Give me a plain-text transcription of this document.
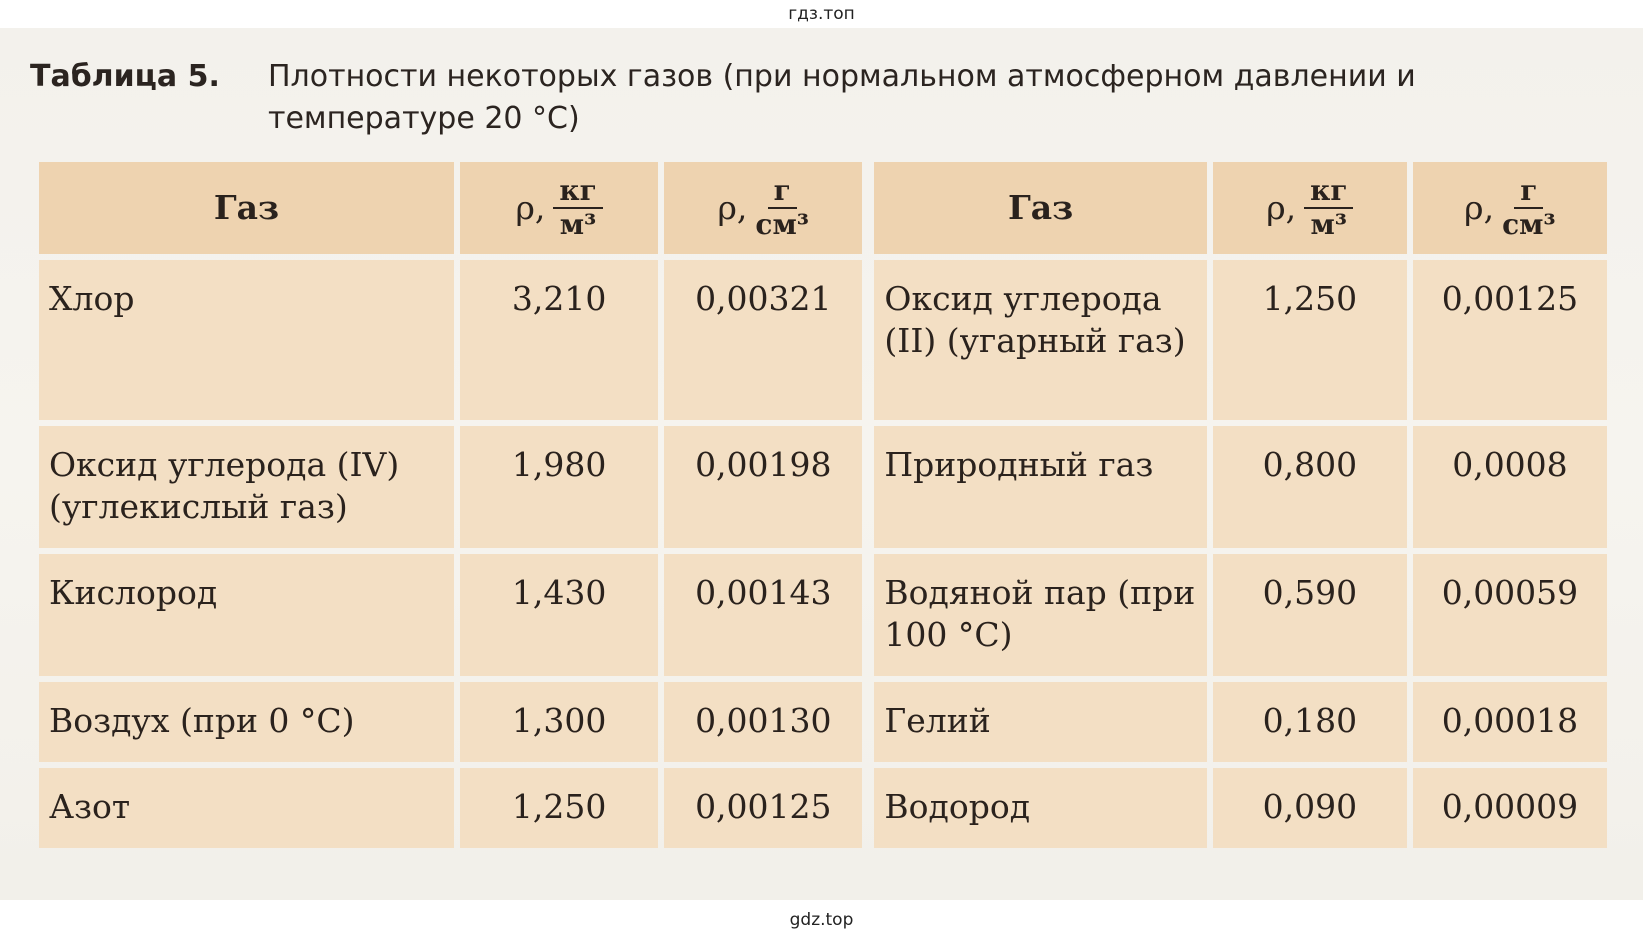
гдз.топ
Таблица 5. Плотности некоторых газов (при нормальном атмосферном давлении и температуре 20 °С)
Газ	ρ, $\frac{кг}{\text{м³}}$	ρ, $\frac{г}{\text{см³}}$		Газ	ρ, $\frac{кг}{\text{м³}}$	ρ, $\frac{г}{\text{см³}}$

Хлор	3,210	0,00321		Оксид углерода (II) (угарный газ)	1,250	0,00125
Оксид углерода (IV) (углекислый газ)	1,980	0,00198		Природный газ	0,800	0,0008
Кислород	1,430	0,00143		Водяной пар (при 100 °С)	0,590	0,00059
Воздух (при 0 °С)	1,300	0,00130		Гелий	0,180	0,00018
Азот	1,250	0,00125		Водород	0,090	0,00009
gdz.top
